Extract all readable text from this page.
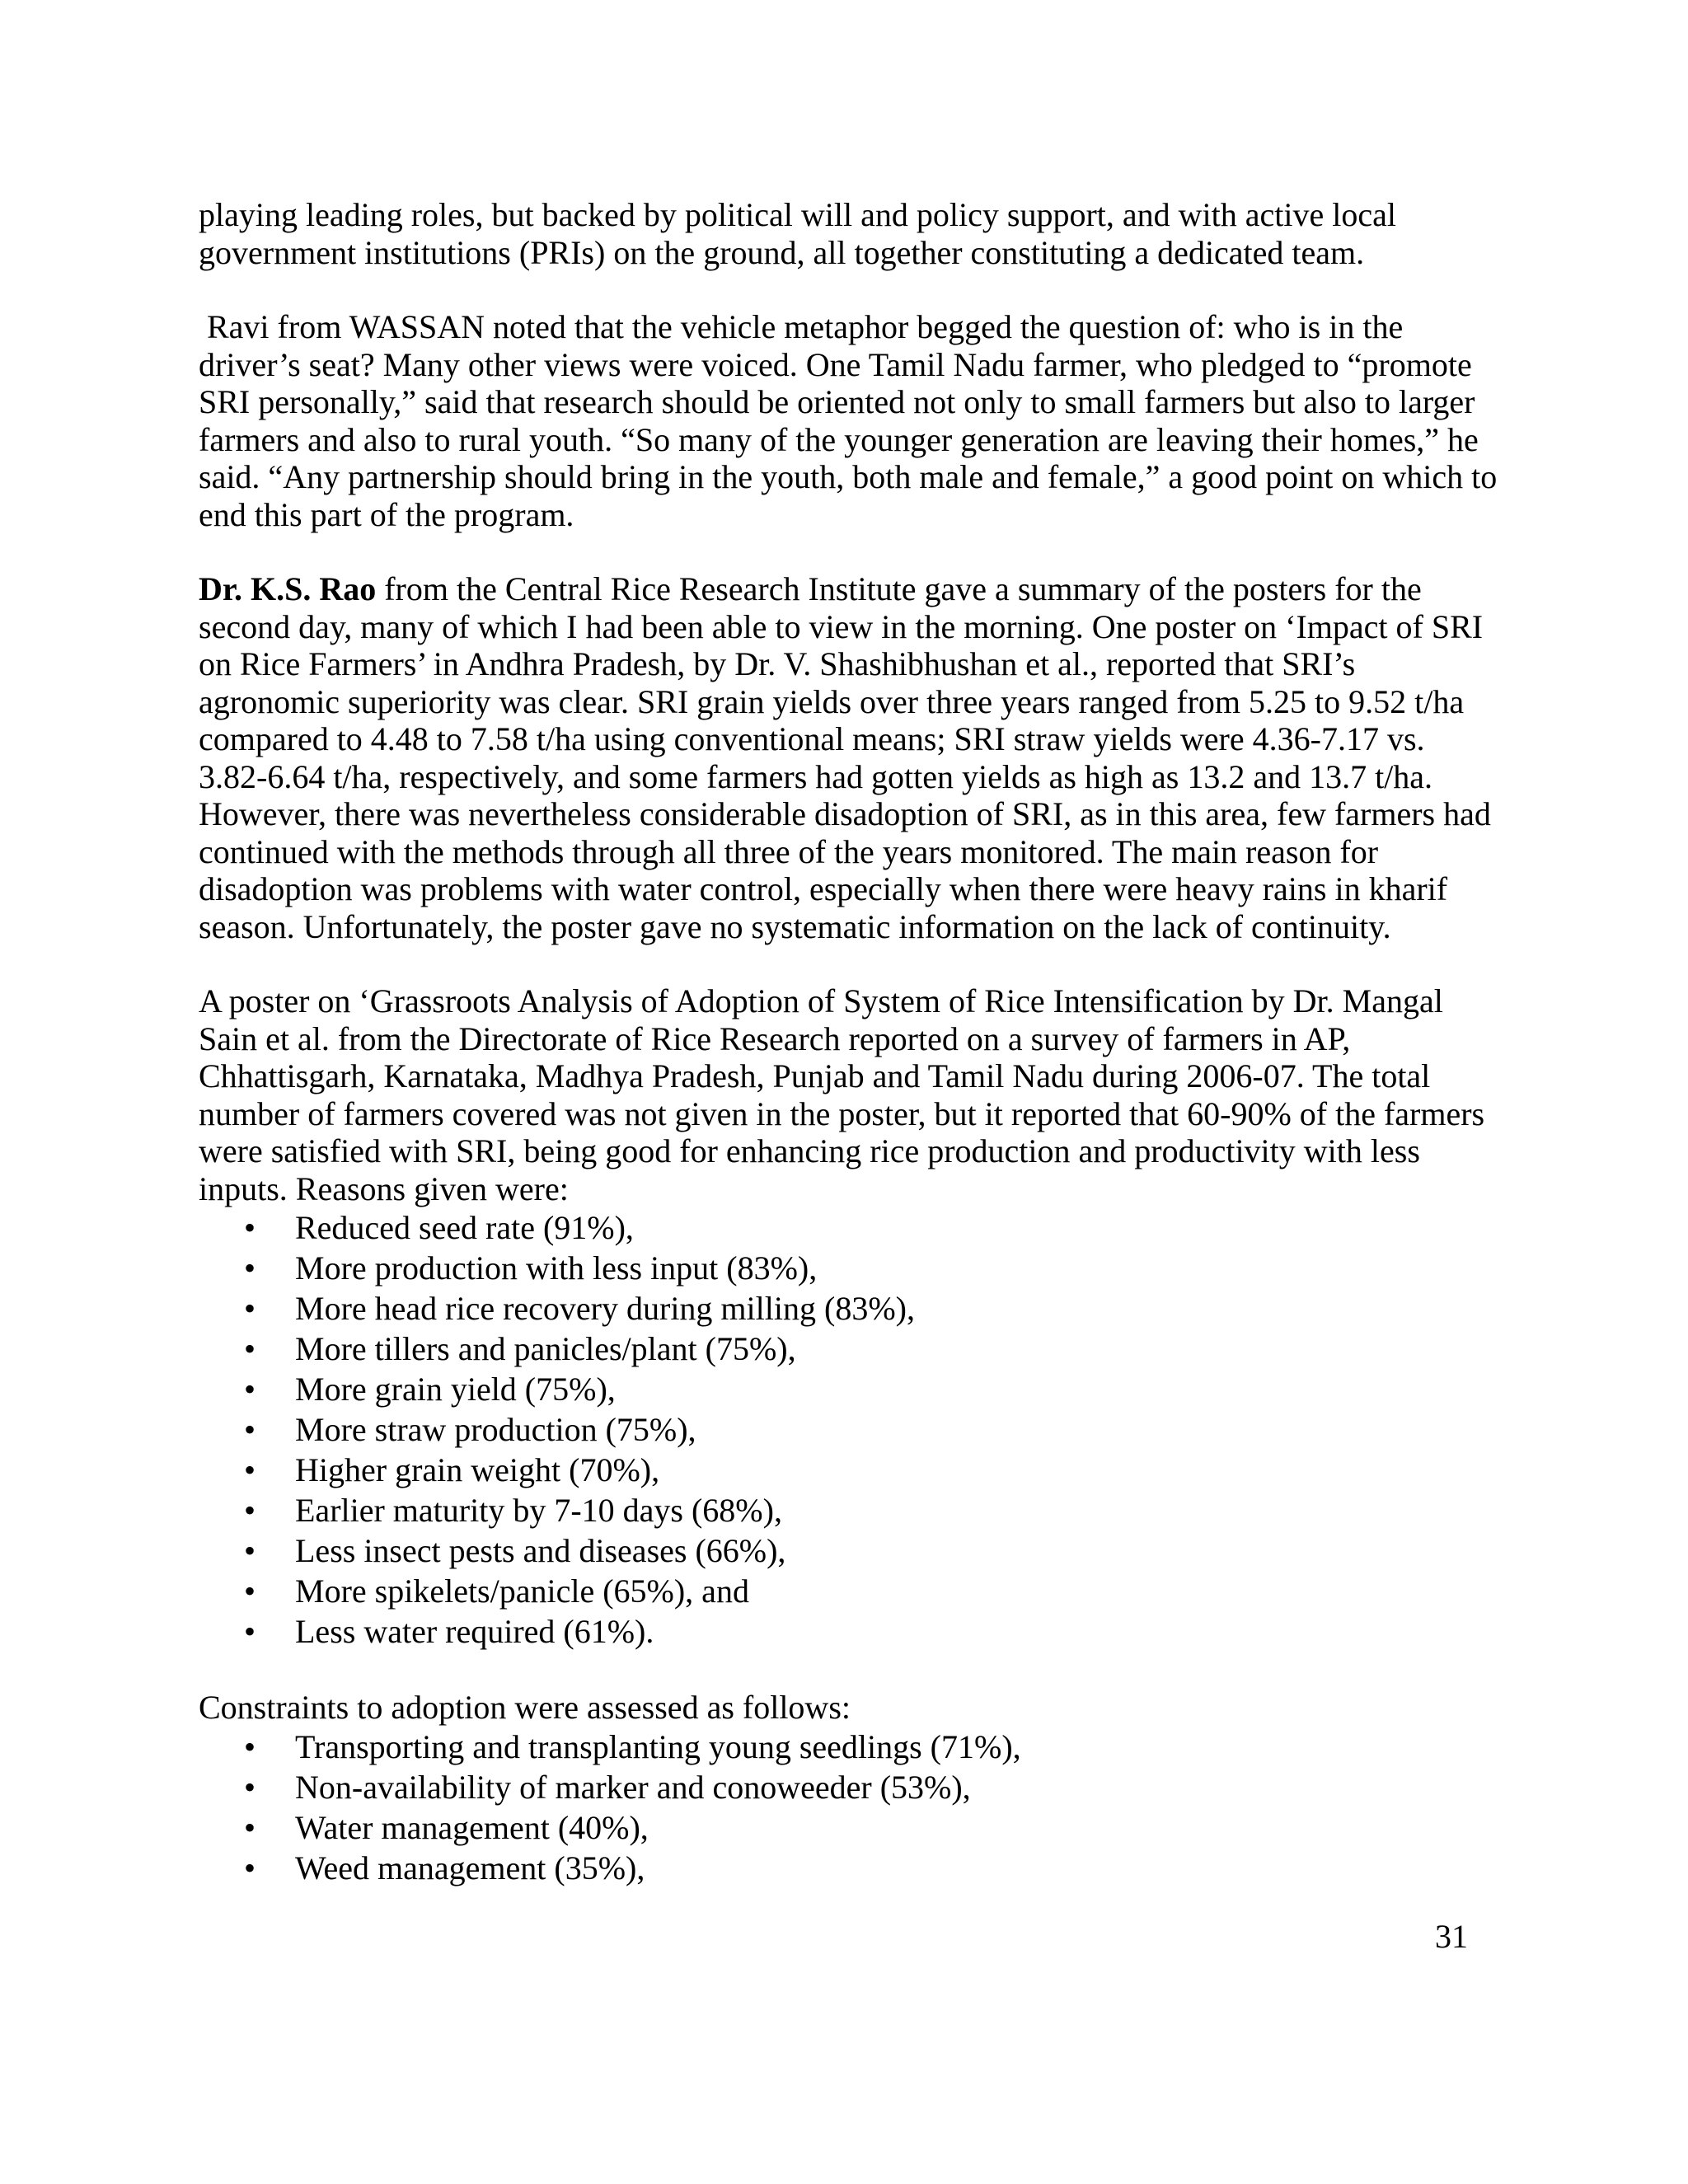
playing leading roles, but backed by political will and policy support, and with active local government institutions (PRIs) on the ground, all together constituting a dedicated team.

Ravi from WASSAN noted that the vehicle metaphor begged the question of: who is in the driver’s seat? Many other views were voiced. One Tamil Nadu farmer, who pledged to “promote SRI personally,” said that research should be oriented not only to small farmers but also to larger farmers and also to rural youth. “So many of the younger generation are leaving their homes,” he said. “Any partnership should bring in the youth, both male and female,” a good point on which to end this part of the program.

Dr. K.S. Rao from the Central Rice Research Institute gave a summary of the posters for the second day, many of which I had been able to view in the morning. One poster on ‘Impact of SRI on Rice Farmers’ in Andhra Pradesh, by Dr. V. Shashibhushan et al., reported that SRI’s agronomic superiority was clear. SRI grain yields over three years ranged from 5.25 to 9.52 t/ha compared to 4.48 to 7.58 t/ha using conventional means; SRI straw yields were 4.36-7.17 vs. 3.82-6.64 t/ha, respectively, and some farmers had gotten yields as high as 13.2 and 13.7 t/ha. However, there was nevertheless considerable disadoption of SRI, as in this area, few farmers had continued with the methods through all three of the years monitored. The main reason for disadoption was problems with water control, especially when there were heavy rains in kharif season. Unfortunately, the poster gave no systematic information on the lack of continuity.

A poster on ‘Grassroots Analysis of Adoption of System of Rice Intensification by Dr. Mangal Sain et al. from the Directorate of Rice Research reported on a survey of farmers in AP, Chhattisgarh, Karnataka, Madhya Pradesh, Punjab and Tamil Nadu during 2006-07. The total number of farmers covered was not given in the poster, but it reported that 60-90% of the farmers were satisfied with SRI, being good for enhancing rice production and productivity with less inputs. Reasons given were:

• Reduced seed rate (91%),
• More production with less input (83%),
• More head rice recovery during milling (83%),
• More tillers and panicles/plant (75%),
• More grain yield (75%),
• More straw production (75%),
• Higher grain weight (70%),
• Earlier maturity by 7-10 days (68%),
• Less insect pests and diseases (66%),
• More spikelets/panicle (65%), and
• Less water required (61%).

Constraints to adoption were assessed as follows:

• Transporting and transplanting young seedlings (71%),
• Non-availability of marker and conoweeder (53%),
• Water management (40%),
• Weed management (35%),
31
